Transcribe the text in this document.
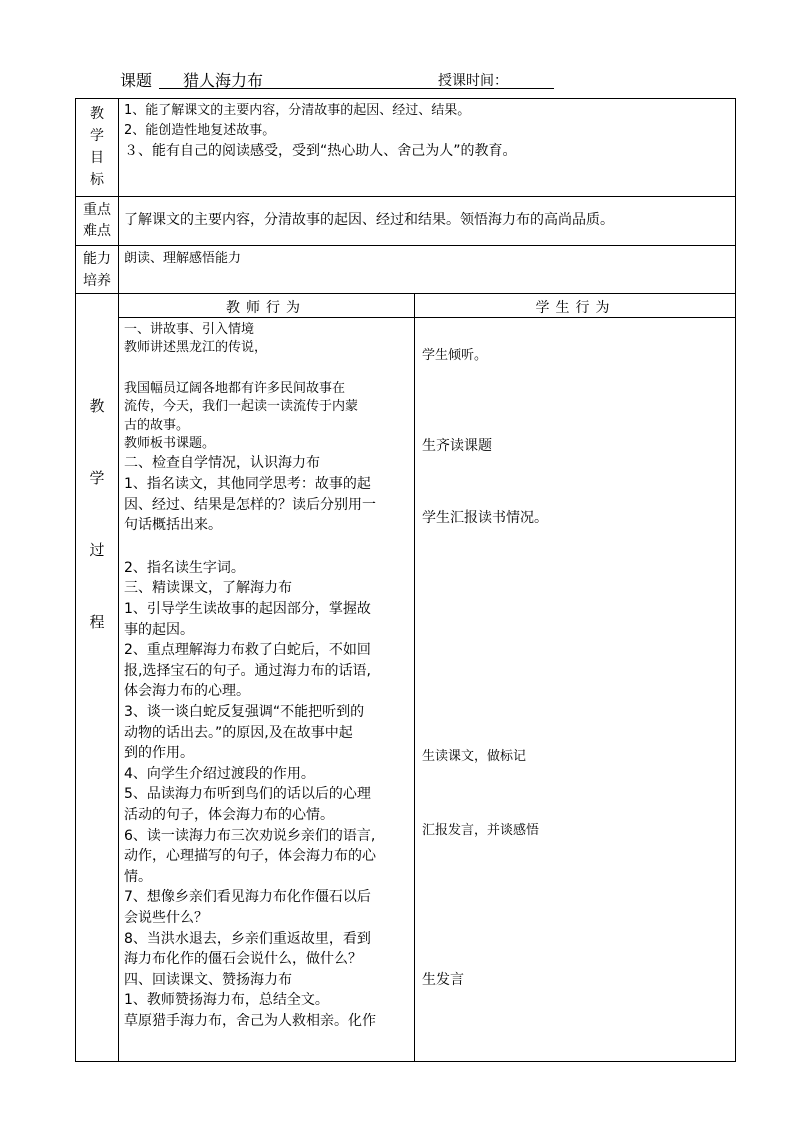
课题 猎人海力布	授课时间：
教
学
目
标
1、能了解课文的主要内容，分清故事的起因、经过、结果。
2、能创造性地复述故事。
３、能有自己的阅读感受，受到“热心助人、舍己为人”的教育。
重点
难点
了解课文的主要内容，分清故事的起因、经过和结果。领悟海力布的高尚品质。
能力
培养
朗读、理解感悟能力
教师行为	学生行为
教
学
过
程

一、讲故事、引入情境

教师讲述黑龙江的传说，

我国幅员辽阔各地都有许多民间故事在

流传，今天，我们一起读一读流传于内蒙

古的故事。

教师板书课题。

二、检查自学情况，认识海力布

1、指名读文，其他同学思考：故事的起

因、经过、结果是怎样的？读后分别用一

句话概括出来。

2、指名读生字词。

三、精读课文，了解海力布

1、引导学生读故事的起因部分，掌握故

事的起因。

2、重点理解海力布救了白蛇后，不如回

报,选择宝石的句子。通过海力布的话语,

体会海力布的心理。

3、谈一谈白蛇反复强调“不能把听到的

动物的话出去。”的原因,及在故事中起

到的作用。

4、向学生介绍过渡段的作用。

5、品读海力布听到鸟们的话以后的心理

活动的句子，体会海力布的心情。

6、读一读海力布三次劝说乡亲们的语言,

动作，心理描写的句子，体会海力布的心

情。

7、想像乡亲们看见海力布化作僵石以后

会说些什么？

8、当洪水退去，乡亲们重返故里，看到

海力布化作的僵石会说什么，做什么？

四、回读课文、赞扬海力布

1、教师赞扬海力布，总结全文。

草原猎手海力布，舍己为人救相亲。化作

学生倾听。
生齐读课题
学生汇报读书情况。
生读课文，做标记
汇报发言，并谈感悟
生发言
